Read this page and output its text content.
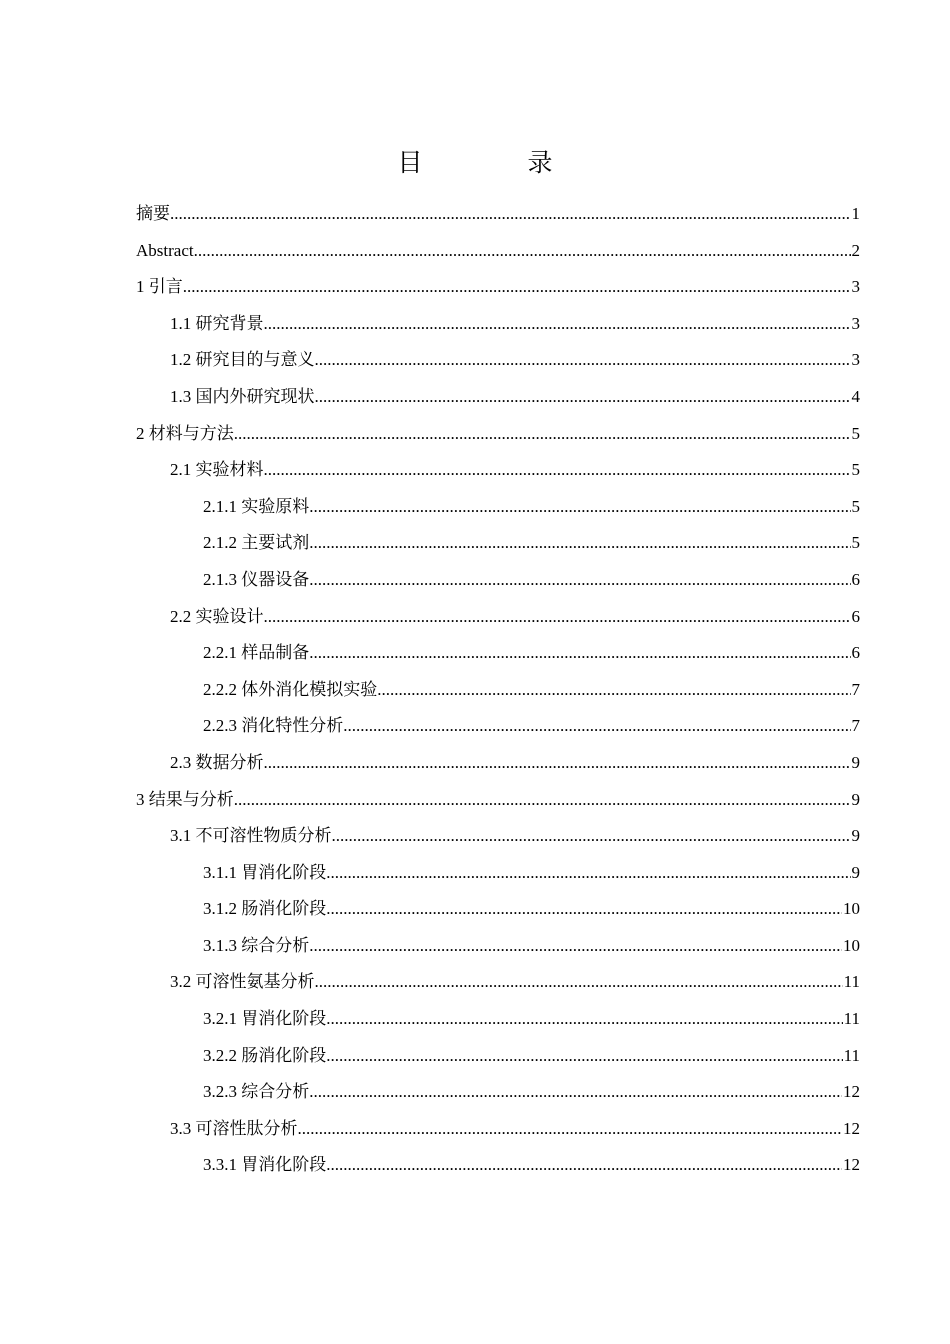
目　录
摘要 .....	1
Abstract .....	2
1 引言 .....	3
1.1 研究背景 .....	3
1.2 研究目的与意义 .....	3
1.3 国内外研究现状 .....	4
2 材料与方法 .....	5
2.1 实验材料 .....	5
2.1.1 实验原料 .....	5
2.1.2 主要试剂 .....	5
2.1.3 仪器设备 .....	6
2.2 实验设计 .....	6
2.2.1 样品制备 .....	6
2.2.2 体外消化模拟实验 .....	7
2.2.3 消化特性分析 .....	7
2.3 数据分析 .....	9
3 结果与分析 .....	9
3.1 不可溶性物质分析 .....	9
3.1.1 胃消化阶段 .....	9
3.1.2 肠消化阶段 .....	10
3.1.3 综合分析 .....	10
3.2 可溶性氨基分析 .....	11
3.2.1 胃消化阶段 .....	11
3.2.2 肠消化阶段 .....	11
3.2.3 综合分析 .....	12
3.3 可溶性肽分析 .....	12
3.3.1 胃消化阶段 .....	12
